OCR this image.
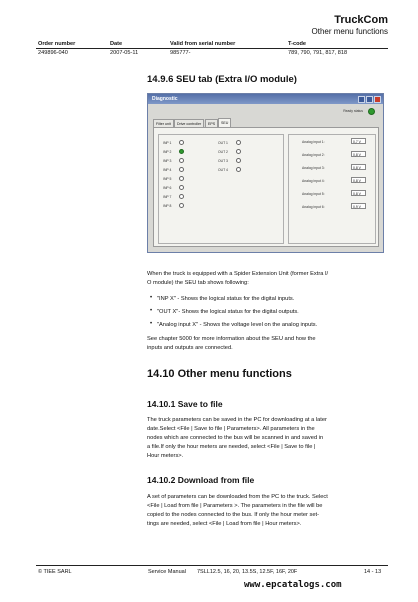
TruckCom
Other menu functions
Order number	Date	Valid from serial number	T-code
249896-040	2007-05-11	985777-	789, 790, 791, 817, 818
14.9.6 SEU tab (Extra I/O module)
Diagnostic
Ready status
Filter unit	Drive controller	EPS	SEU
INP 1
INP 2
INP 3
INP 4
INP 5
INP 6
INP 7
INP 8
OUT 1
OUT 2
OUT 3
OUT 4
Analog input 1:	0,7 V
Analog input 2:	0,8 V
Analog input 3:	0,8 V
Analog input 4:	0,8 V
Analog input 5:	0,8 V
Analog input 6:	0,9 V
When the truck is equipped with a Spider Extension Unit (former Extra I/
O module) the SEU tab shows following:
• "INP X" - Shows the logical status for the digital inputs.
• "OUT X"- Shows the logical status for the digital outputs.
• "Analog input X" - Shows the voltage level on the analog inputs.
See chapter 5000 for more information about the SEU and how the
inputs and outputs are connected.
14.10 Other menu functions
14.10.1 Save to file
The truck parameters can be saved in the PC for downloading at a later
date.Select <File | Save to file | Parameters>. All parameters in the
nodes which are connected to the bus will be scanned in and saved in
a file.If only the hour meters are needed, select <File | Save to file |
Hour meters>.
14.10.2 Download from file
A set of parameters can be downloaded from the PC to the truck. Select
<File | Load from file | Parameters >. The parameters in the file will be
copied to the nodes connected to the bus. If only the hour meter set-
tings are needed, select <File | Load from file | Hour meters>.
© TIEE SARL	Service Manual 7SLL12.5, 16, 20, 13.5S, 12.5F, 16F, 20F	14 - 13
www.epcatalogs.com
